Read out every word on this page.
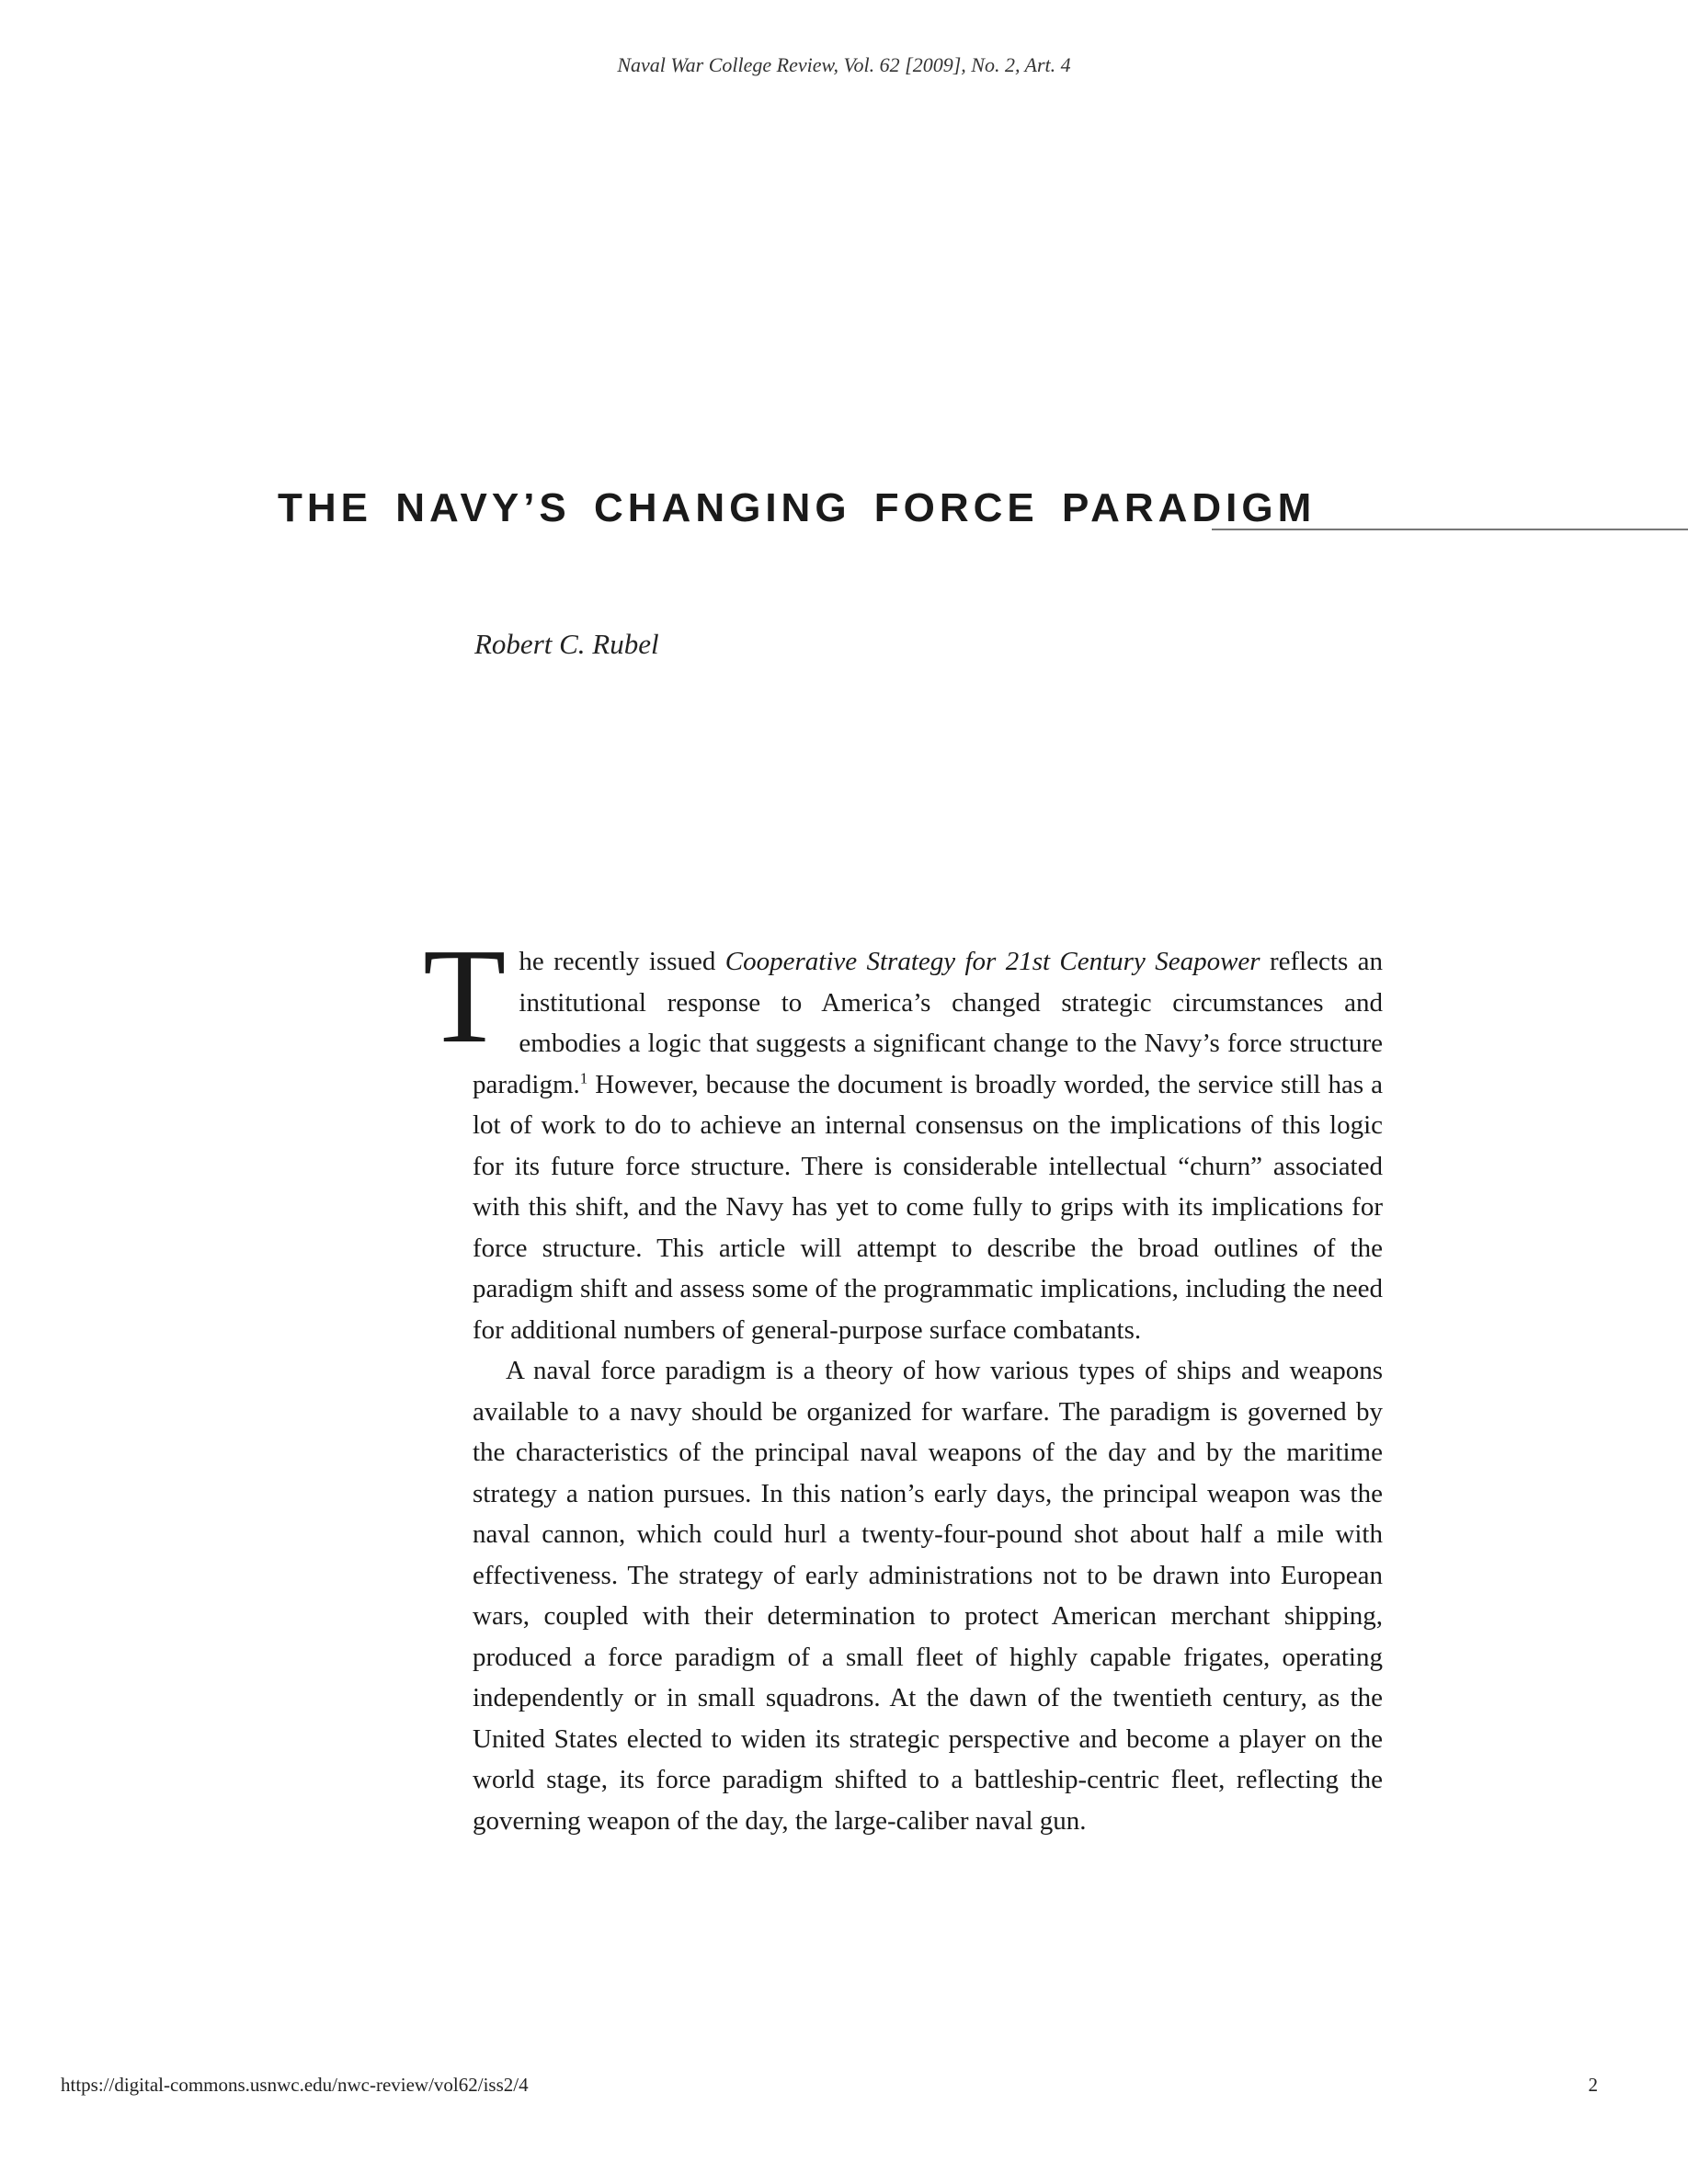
Naval War College Review, Vol. 62 [2009], No. 2, Art. 4
THE NAVY’S CHANGING FORCE PARADIGM
Robert C. Rubel

The recently issued Cooperative Strategy for 21st Century Seapower reflects an institutional response to America’s changed strategic circumstances and embodies a logic that suggests a significant change to the Navy’s force structure paradigm.$^1$ However, because the document is broadly worded, the service still has a lot of work to do to achieve an internal consensus on the implications of this logic for its future force structure. There is considerable intellectual “churn” associated with this shift, and the Navy has yet to come fully to grips with its implications for force structure. This article will attempt to describe the broad outlines of the paradigm shift and assess some of the programmatic implications, including the need for additional numbers of general-purpose surface combatants.

A naval force paradigm is a theory of how various types of ships and weapons available to a navy should be organized for warfare. The paradigm is governed by the characteristics of the principal naval weapons of the day and by the maritime strategy a nation pursues. In this nation’s early days, the principal weapon was the naval cannon, which could hurl a twenty-four-pound shot about half a mile with effectiveness. The strategy of early administrations not to be drawn into European wars, coupled with their determination to protect American merchant shipping, produced a force paradigm of a small fleet of highly capable frigates, operating independently or in small squadrons. At the dawn of the twentieth century, as the United States elected to widen its strategic perspective and become a player on the world stage, its force paradigm shifted to a battleship-centric fleet, reflecting the governing weapon of the day, the large-caliber naval gun.

https://digital-commons.usnwc.edu/nwc-review/vol62/iss2/4	2
